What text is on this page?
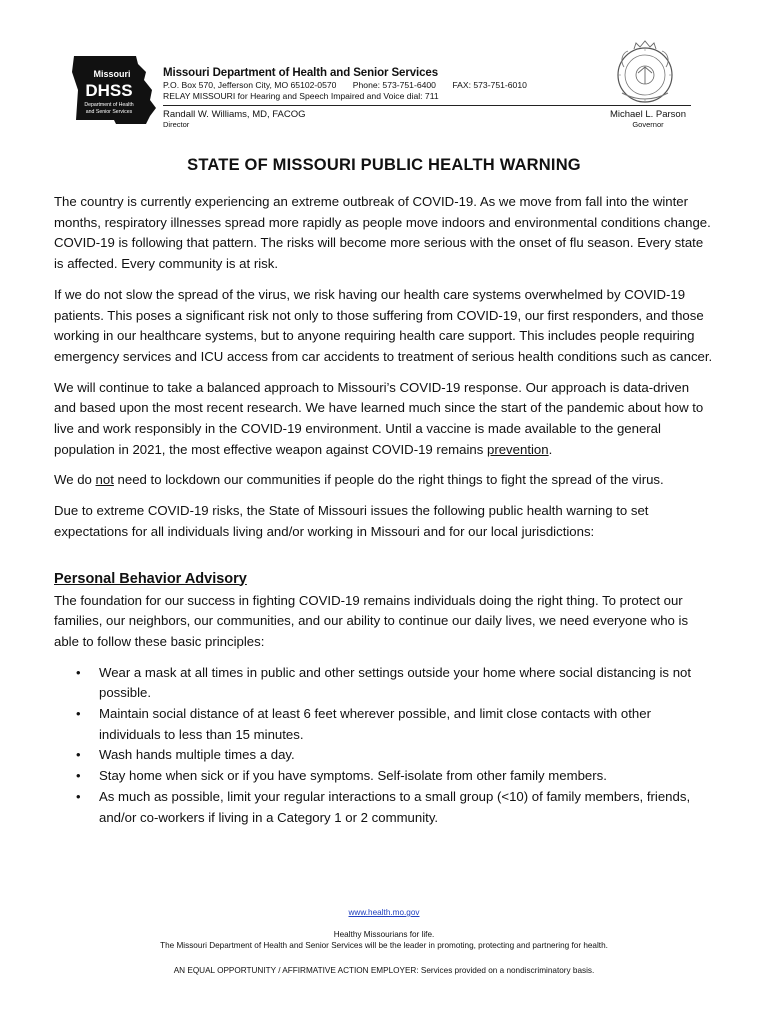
Missouri
DHSS
Department of Health
and Senior Services
Missouri Department of Health and Senior Services
P.O. Box 570, Jefferson City, MO 65102-0570 Phone: 573-751-6400 FAX: 573-751-6010
RELAY MISSOURI for Hearing and Speech Impaired and Voice dial: 711
Randall W. Williams, MD, FACOG
Director
Michael L. Parson
Governor
STATE OF MISSOURI PUBLIC HEALTH WARNING

The country is currently experiencing an extreme outbreak of COVID-19. As we move from fall into the winter months, respiratory illnesses spread more rapidly as people move indoors and environmental conditions change. COVID-19 is following that pattern. The risks will become more serious with the onset of flu season. Every state is affected. Every community is at risk.

If we do not slow the spread of the virus, we risk having our health care systems overwhelmed by COVID-19 patients. This poses a significant risk not only to those suffering from COVID-19, our first responders, and those working in our healthcare systems, but to anyone requiring health care support. This includes people requiring emergency services and ICU access from car accidents to treatment of serious health conditions such as cancer.

We will continue to take a balanced approach to Missouri’s COVID-19 response. Our approach is data-driven and based upon the most recent research. We have learned much since the start of the pandemic about how to live and work responsibly in the COVID-19 environment. Until a vaccine is made available to the general population in 2021, the most effective weapon against COVID-19 remains prevention.

We do not need to lockdown our communities if people do the right things to fight the spread of the virus.

Due to extreme COVID-19 risks, the State of Missouri issues the following public health warning to set expectations for all individuals living and/or working in Missouri and for our local jurisdictions:

Personal Behavior Advisory

The foundation for our success in fighting COVID-19 remains individuals doing the right thing. To protect our families, our neighbors, our communities, and our ability to continue our daily lives, we need everyone who is able to follow these basic principles:

• Wear a mask at all times in public and other settings outside your home where social distancing is not possible.
• Maintain social distance of at least 6 feet wherever possible, and limit close contacts with other individuals to less than 15 minutes.
• Wash hands multiple times a day.
• Stay home when sick or if you have symptoms. Self-isolate from other family members.
• As much as possible, limit your regular interactions to a small group (<10) of family members, friends, and/or co-workers if living in a Category 1 or 2 community.
www.health.mo.gov
Healthy Missourians for life.
The Missouri Department of Health and Senior Services will be the leader in promoting, protecting and partnering for health.
AN EQUAL OPPORTUNITY / AFFIRMATIVE ACTION EMPLOYER: Services provided on a nondiscriminatory basis.
